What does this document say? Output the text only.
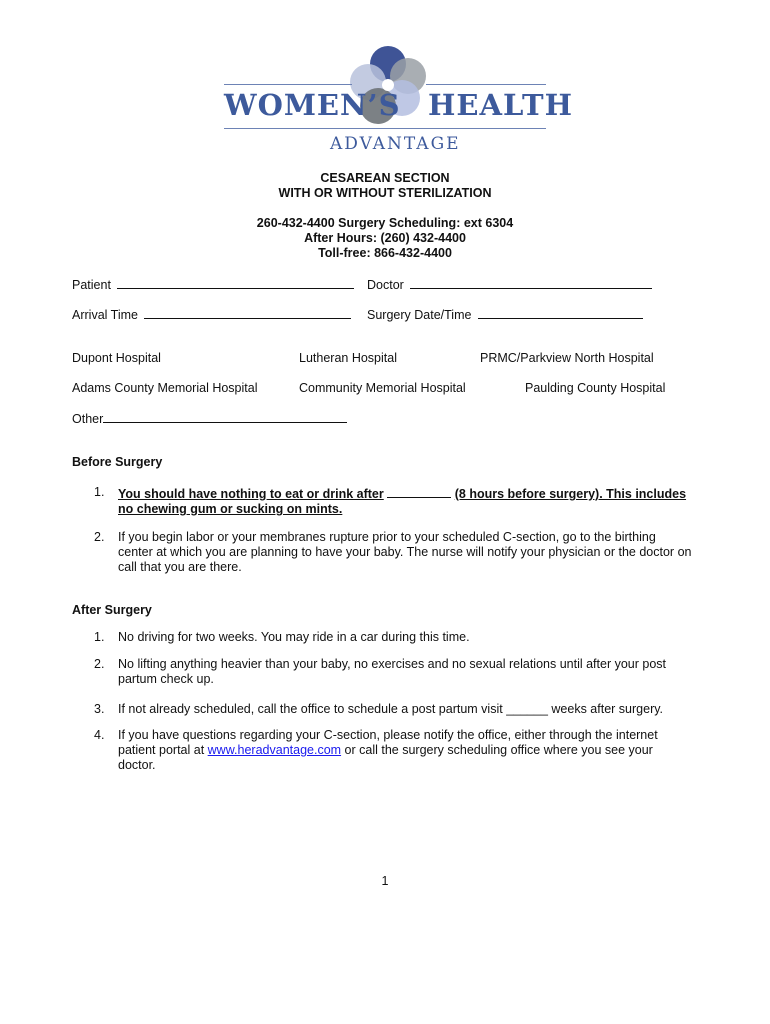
WOMEN’S HEALTH
ADVANTAGE
CESAREAN SECTION
WITH OR WITHOUT STERILIZATION
260-432-4400 Surgery Scheduling: ext 6304
After Hours: (260) 432-4400
Toll-free: 866-432-4400
Patient	Doctor
Arrival Time	Surgery Date/Time
Dupont Hospital	Lutheran Hospital	PRMC/Parkview North Hospital
Adams County Memorial Hospital	Community Memorial Hospital	Paulding County Hospital
Other
Before Surgery
1. You should have nothing to eat or drink after	(8 hours before surgery). This includes
no chewing gum or sucking on mints.
2. If you begin labor or your membranes rupture prior to your scheduled C-section, go to the birthing center at which you are planning to have your baby. The nurse will notify your physician or the doctor on call that you are there.
After Surgery
1. No driving for two weeks. You may ride in a car during this time.
2. No lifting anything heavier than your baby, no exercises and no sexual relations until after your post partum check up.
3. If not already scheduled, call the office to schedule a post partum visit ______ weeks after surgery.
4. If you have questions regarding your C-section, please notify the office, either through the internet patient portal at www.heradvantage.com or call the surgery scheduling office where you see your doctor.
1
